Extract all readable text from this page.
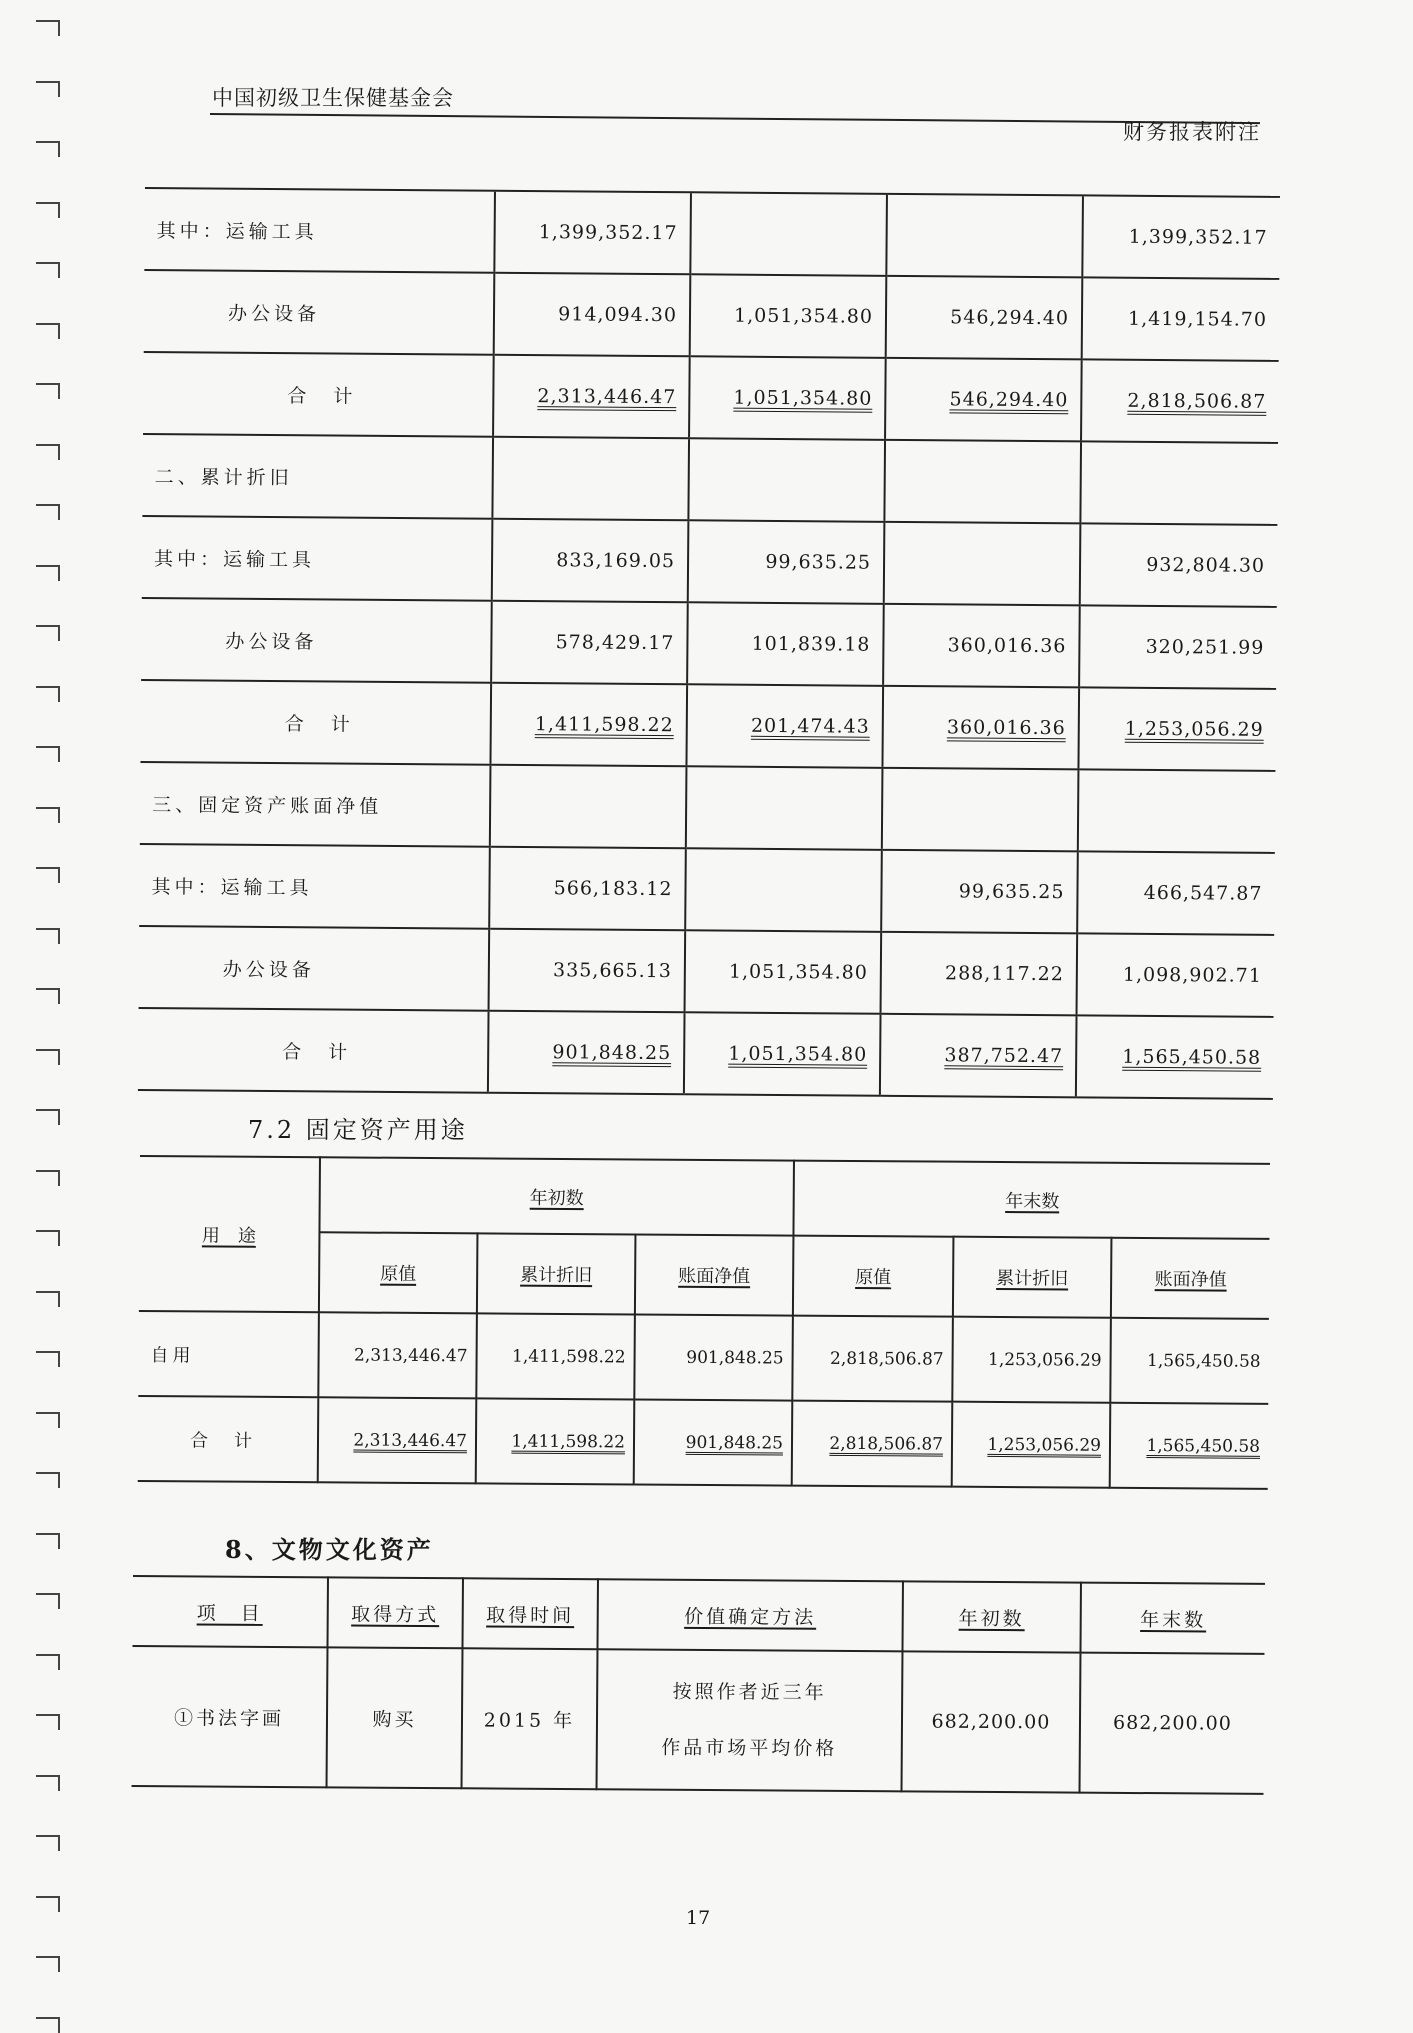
中国初级卫生保健基金会
财务报表附注
其中：运输工具	1,399,352.17			1,399,352.17
办公设备	914,094.30	1,051,354.80	546,294.40	1,419,154.70
合　计	2,313,446.47	1,051,354.80	546,294.40	2,818,506.87
二、累计折旧				
其中：运输工具	833,169.05	99,635.25		932,804.30
办公设备	578,429.17	101,839.18	360,016.36	320,251.99
合　计	1,411,598.22	201,474.43	360,016.36	1,253,056.29
三、固定资产账面净值				
其中：运输工具	566,183.12		99,635.25	466,547.87
办公设备	335,665.13	1,051,354.80	288,117.22	1,098,902.71
合　计	901,848.25	1,051,354.80	387,752.47	1,565,450.58
7.2 固定资产用途
用　途	年初数			年末数		
	原值	累计折旧	账面净值	原值	累计折旧	账面净值
自用	2,313,446.47	1,411,598.22	901,848.25	2,818,506.87	1,253,056.29	1,565,450.58
合　计	2,313,446.47	1,411,598.22	901,848.25	2,818,506.87	1,253,056.29	1,565,450.58
8、文物文化资产
项　目	取得方式	取得时间	价值确定方法	年初数	年末数
①书法字画	购买	2015 年	按照作者近三年
作品市场平均价格	682,200.00	682,200.00
17
